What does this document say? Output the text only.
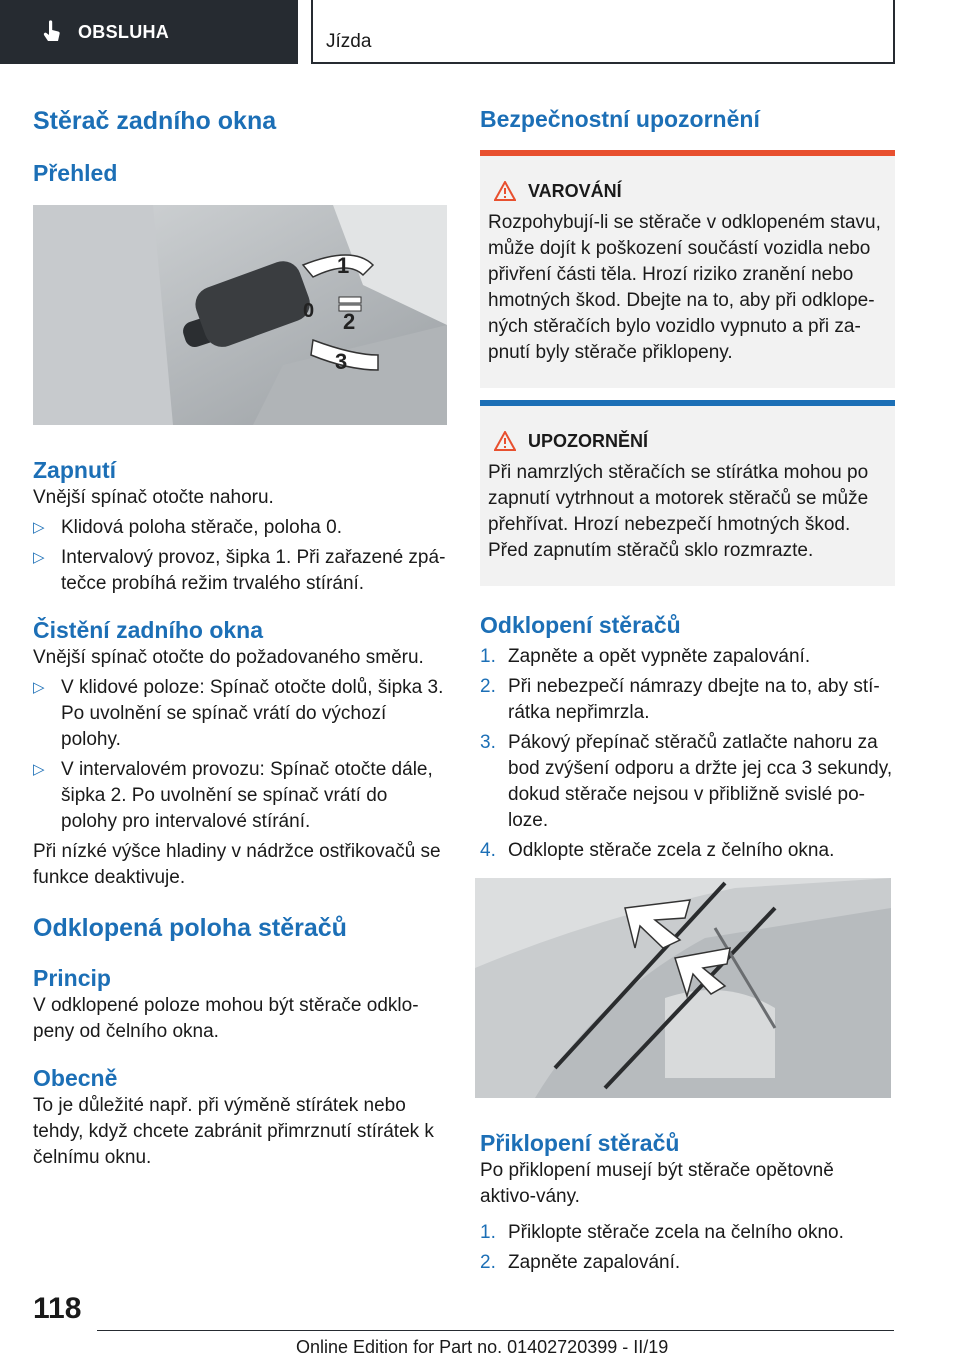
OBSLUHA	Jízda
Stěrač zadního okna
Přehled
1
0 2
3
Zapnutí

Vnější spínač otočte nahoru.

▷ Klidová poloha stěrače, poloha 0.
▷ Intervalový provoz, šipka 1. Při zařazené zpá-tečce probíhá režim trvalého stírání.
Čistění zadního okna

Vnější spínač otočte do požadovaného směru.

▷ V klidové poloze: Spínač otočte dolů, šipka 3. Po uvolnění se spínač vrátí do výchozí polohy.
▷ V intervalovém provozu: Spínač otočte dále, šipka 2. Po uvolnění se spínač vrátí do polohy pro intervalové stírání.

Při nízké výšce hladiny v nádržce ostřikovačů se funkce deaktivuje.

Odklopená poloha stěračů
Princip

V odklopené poloze mohou být stěrače odklo-peny od čelního okna.

Obecně

To je důležité např. při výměně stírátek nebo tehdy, když chcete zabránit přimrznutí stírátek k čelnímu oknu.

Bezpečnostní upozornění
VAROVÁNÍ

Rozpohybují-li se stěrače v odklopeném stavu, může dojít k poškození součástí vozidla nebo přivření části těla. Hrozí riziko zranění nebo hmotných škod. Dbejte na to, aby při odklope-ných stěračích bylo vozidlo vypnuto a při za-pnutí byly stěrače přiklopeny.

UPOZORNĚNÍ

Při namrzlých stěračích se stírátka mohou po zapnutí vytrhnout a motorek stěračů se může přehřívat. Hrozí nebezpečí hmotných škod. Před zapnutím stěračů sklo rozmrazte.

Odklopení stěračů
1. Zapněte a opět vypněte zapalování.
2. Při nebezpečí námrazy dbejte na to, aby stí-rátka nepřimrzla.
3. Pákový přepínač stěračů zatlačte nahoru za bod zvýšení odporu a držte jej cca 3 sekundy, dokud stěrače nejsou v přibližně svislé po-loze.
4. Odklopte stěrače zcela z čelního okna.
Přiklopení stěračů

Po přiklopení musejí být stěrače opětovně aktivo-vány.

1. Přiklopte stěrače zcela na čelního okno.
2. Zapněte zapalování.
118
Online Edition for Part no. 01402720399 - II/19
